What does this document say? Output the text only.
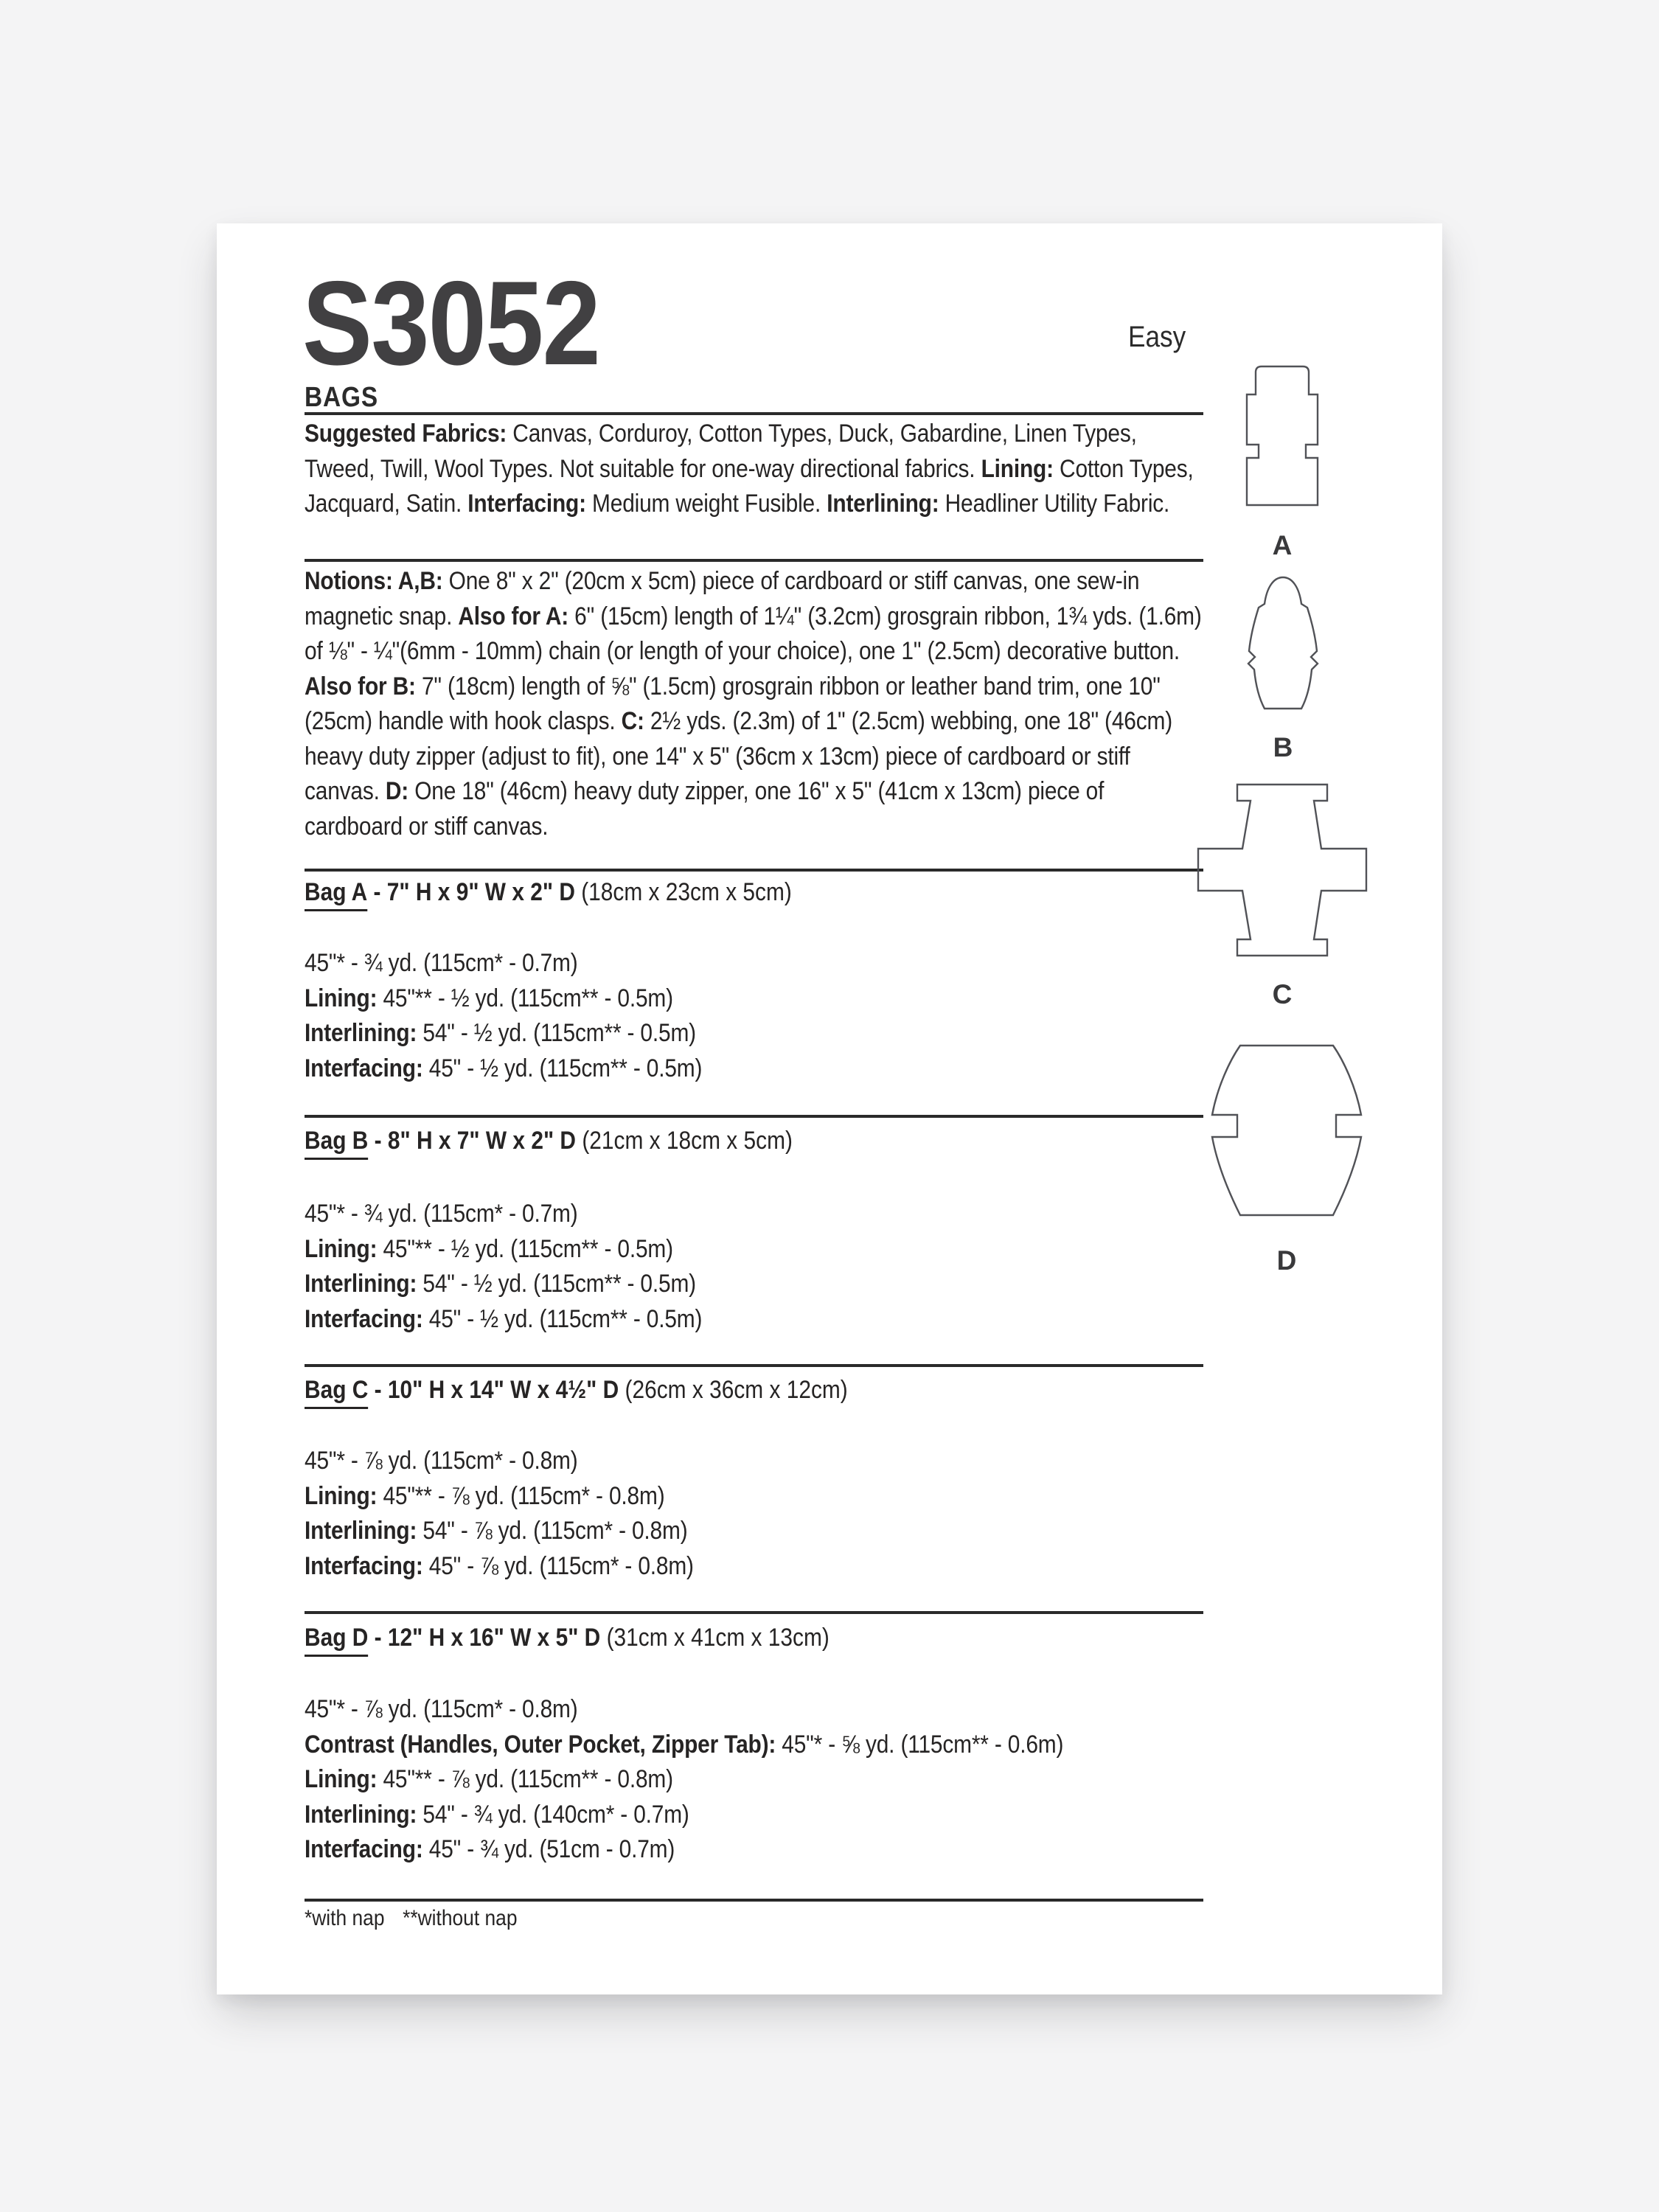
S3052	Easy
BAGS
Suggested Fabrics: Canvas, Corduroy, Cotton Types, Duck, Gabardine, Linen Types, Tweed, Twill, Wool Types. Not suitable for one-way directional fabrics. Lining: Cotton Types, Jacquard, Satin. Interfacing: Medium weight Fusible. Interlining: Headliner Utility Fabric.
Notions: A,B: One 8" x 2" (20cm x 5cm) piece of cardboard or stiff canvas, one sew-in magnetic snap. Also for A: 6" (15cm) length of 1¼" (3.2cm) grosgrain ribbon, 1¾ yds. (1.6m) of ⅛" - ¼"(6mm - 10mm) chain (or length of your choice), one 1" (2.5cm) decorative button. Also for B: 7" (18cm) length of ⅝" (1.5cm) grosgrain ribbon or leather band trim, one 10" (25cm) handle with hook clasps. C: 2½ yds. (2.3m) of 1" (2.5cm) webbing, one 18" (46cm) heavy duty zipper (adjust to fit), one 14" x 5" (36cm x 13cm) piece of cardboard or stiff canvas. D: One 18" (46cm) heavy duty zipper, one 16" x 5" (41cm x 13cm) piece of cardboard or stiff canvas.
Bag A - 7" H x 9" W x 2" D (18cm x 23cm x 5cm)
45"* - ¾ yd. (115cm* - 0.7m)
Lining: 45"** - ½ yd. (115cm** - 0.5m)
Interlining: 54" - ½ yd. (115cm** - 0.5m)
Interfacing: 45" - ½ yd. (115cm** - 0.5m)
Bag B - 8" H x 7" W x 2" D (21cm x 18cm x 5cm)
45"* - ¾ yd. (115cm* - 0.7m)
Lining: 45"** - ½ yd. (115cm** - 0.5m)
Interlining: 54" - ½ yd. (115cm** - 0.5m)
Interfacing: 45" - ½ yd. (115cm** - 0.5m)
Bag C - 10" H x 14" W x 4½" D (26cm x 36cm x 12cm)
45"* - ⅞ yd. (115cm* - 0.8m)
Lining: 45"** - ⅞ yd. (115cm* - 0.8m)
Interlining: 54" - ⅞ yd. (115cm* - 0.8m)
Interfacing: 45" - ⅞ yd. (115cm* - 0.8m)
Bag D - 12" H x 16" W x 5" D (31cm x 41cm x 13cm)
45"* - ⅞ yd. (115cm* - 0.8m)
Contrast (Handles, Outer Pocket, Zipper Tab): 45"* - ⅝ yd. (115cm** - 0.6m)
Lining: 45"** - ⅞ yd. (115cm** - 0.8m)
Interlining: 54" - ¾ yd. (140cm* - 0.7m)
Interfacing: 45" - ¾ yd. (51cm - 0.7m)
*with nap **without nap
A
B
C
D
